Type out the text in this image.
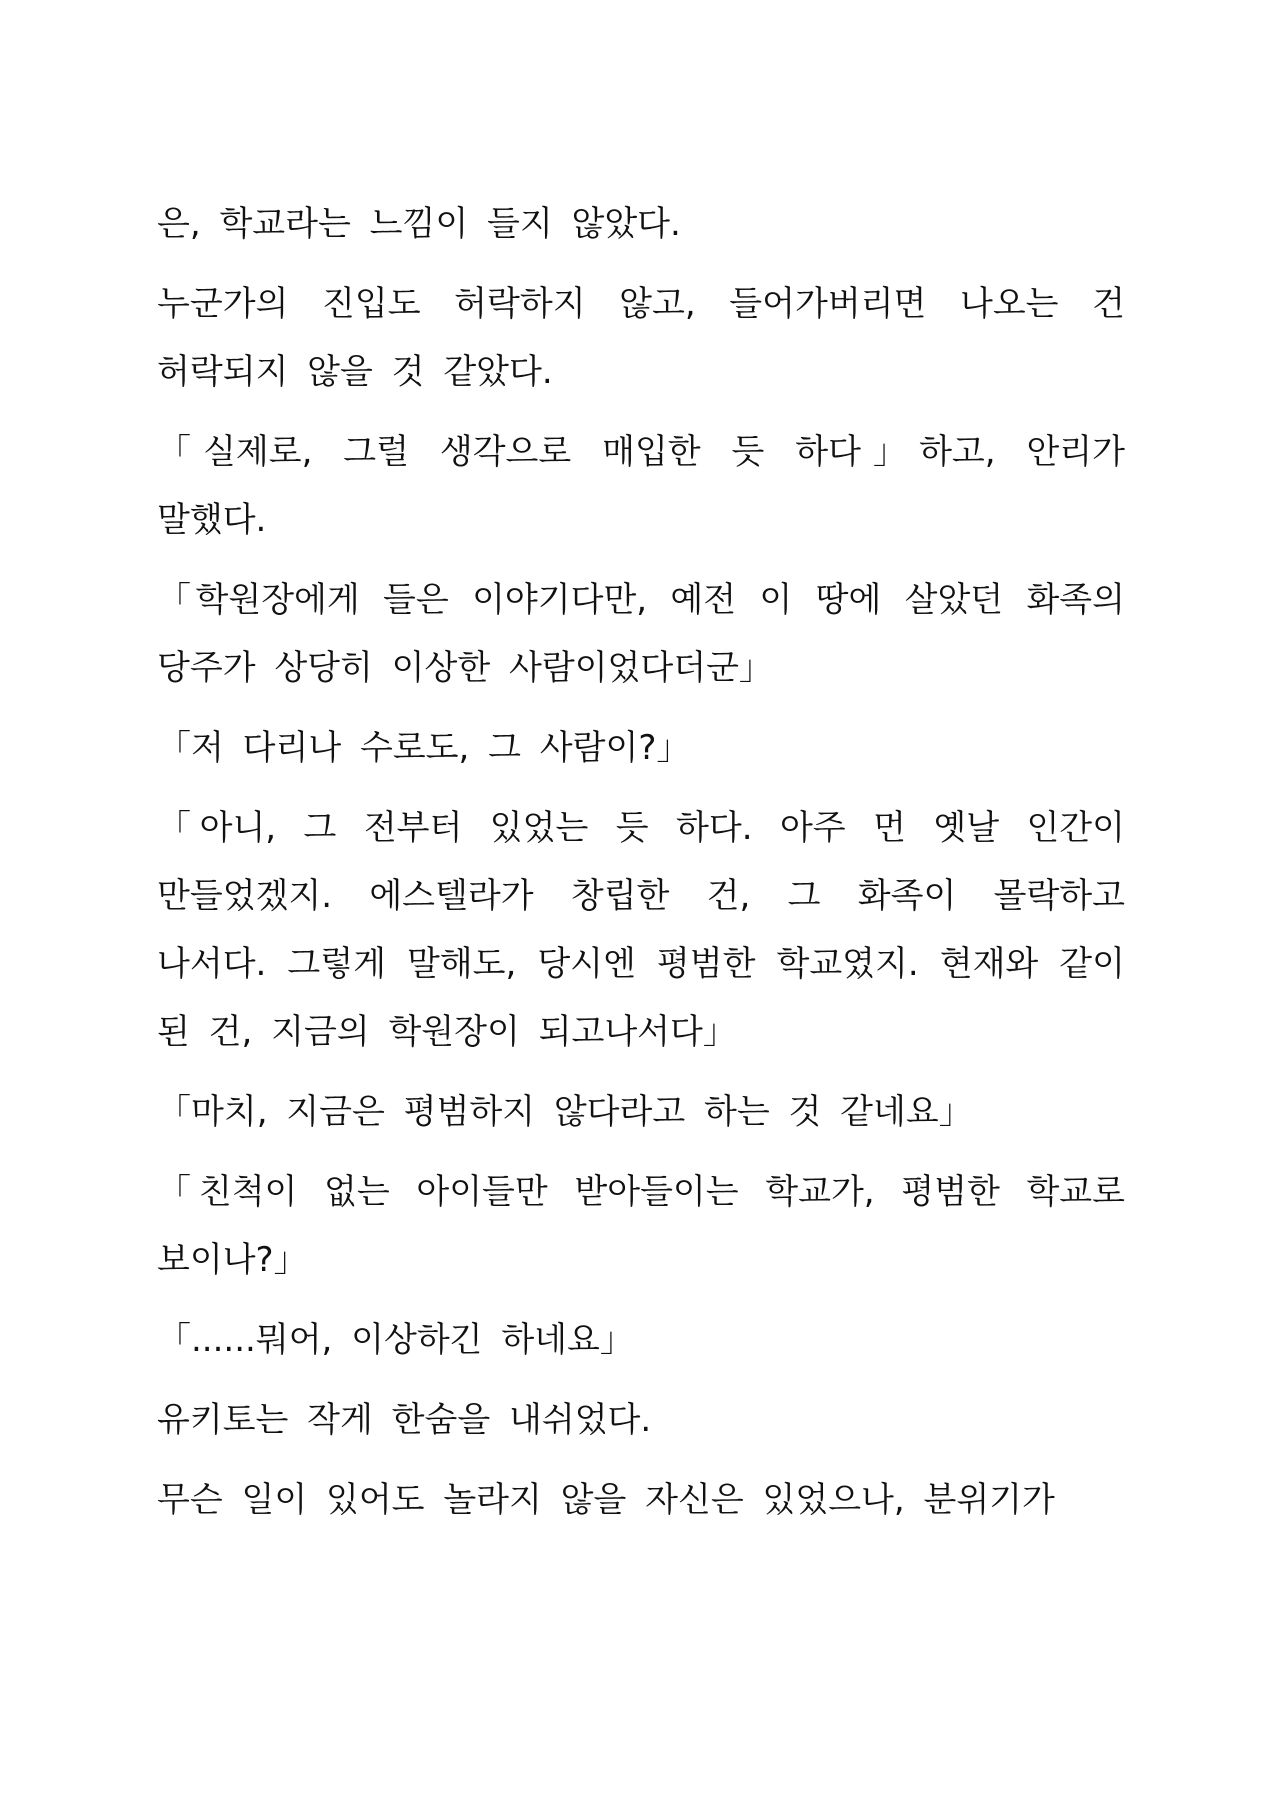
은, 학교라는 느낌이 들지 않았다.

누군가의 진입도 허락하지 않고, 들어가버리면 나오는 건 허락되지 않을 것 같았다.

「실제로, 그럴 생각으로 매입한 듯 하다」하고, 안리가 말했다.

「학원장에게 들은 이야기다만, 예전 이 땅에 살았던 화족의 당주가 상당히 이상한 사람이었다더군」

「저 다리나 수로도, 그 사람이?」

「아니, 그 전부터 있었는 듯 하다. 아주 먼 옛날 인간이 만들었겠지. 에스텔라가 창립한 건, 그 화족이 몰락하고 나서다. 그렇게 말해도, 당시엔 평범한 학교였지. 현재와 같이 된 건, 지금의 학원장이 되고나서다」

「마치, 지금은 평범하지 않다라고 하는 것 같네요」

「친척이 없는 아이들만 받아들이는 학교가, 평범한 학교로 보이나?」

「......뭐어, 이상하긴 하네요」

유키토는 작게 한숨을 내쉬었다.

무슨 일이 있어도 놀라지 않을 자신은 있었으나, 분위기가
